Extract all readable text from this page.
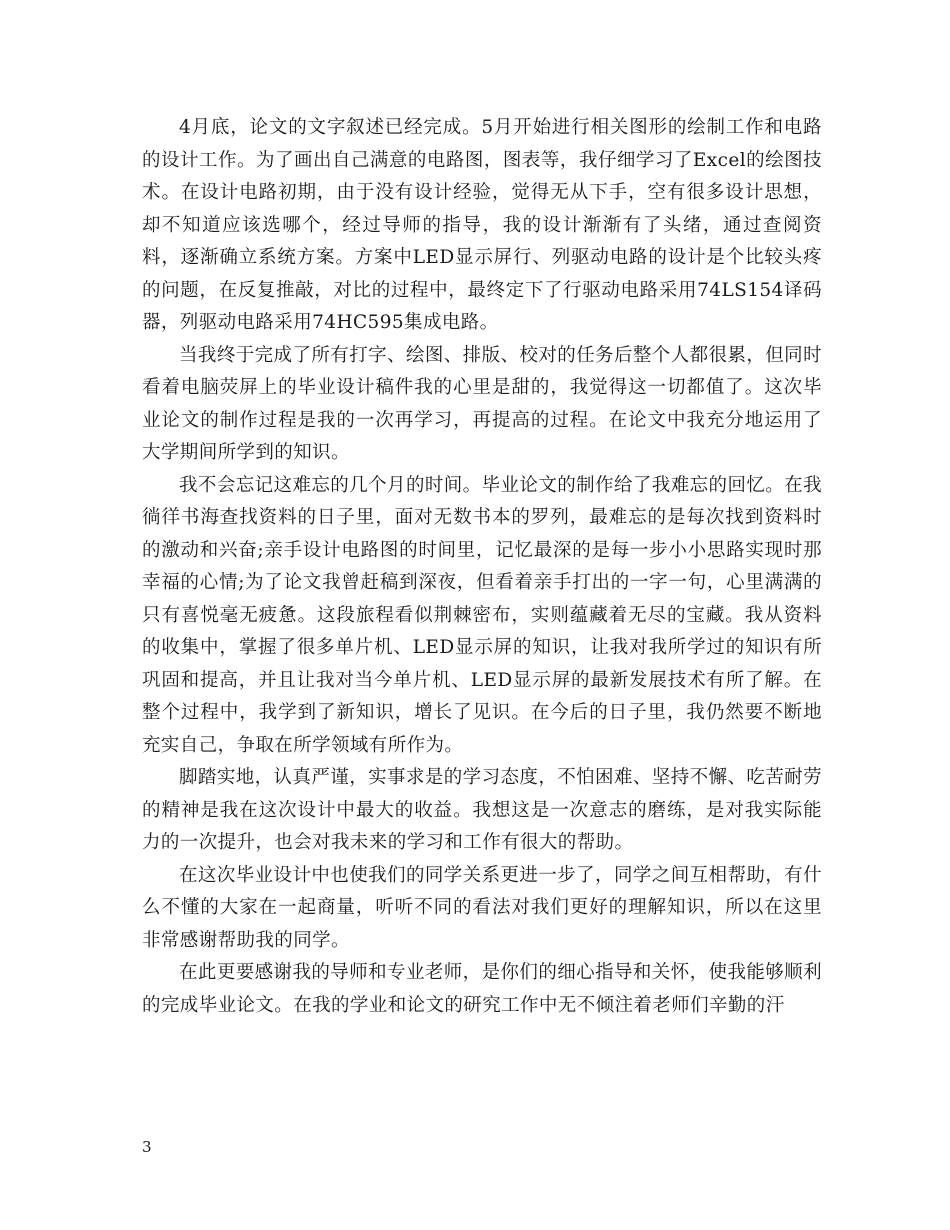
4月底，论文的文字叙述已经完成。5月开始进行相关图形的绘制工作和电路的设计工作。为了画出自己满意的电路图，图表等，我仔细学习了Excel的绘图技术。在设计电路初期，由于没有设计经验，觉得无从下手，空有很多设计思想，却不知道应该选哪个，经过导师的指导，我的设计渐渐有了头绪，通过查阅资料，逐渐确立系统方案。方案中LED显示屏行、列驱动电路的设计是个比较头疼的问题，在反复推敲，对比的过程中，最终定下了行驱动电路采用74LS154译码器，列驱动电路采用74HC595集成电路。

当我终于完成了所有打字、绘图、排版、校对的任务后整个人都很累，但同时看着电脑荧屏上的毕业设计稿件我的心里是甜的，我觉得这一切都值了。这次毕业论文的制作过程是我的一次再学习，再提高的过程。在论文中我充分地运用了大学期间所学到的知识。

我不会忘记这难忘的几个月的时间。毕业论文的制作给了我难忘的回忆。在我徜徉书海查找资料的日子里，面对无数书本的罗列，最难忘的是每次找到资料时的激动和兴奋;亲手设计电路图的时间里，记忆最深的是每一步小小思路实现时那幸福的心情;为了论文我曾赶稿到深夜，但看着亲手打出的一字一句，心里满满的只有喜悦毫无疲惫。这段旅程看似荆棘密布，实则蕴藏着无尽的宝藏。我从资料的收集中，掌握了很多单片机、LED显示屏的知识，让我对我所学过的知识有所巩固和提高，并且让我对当今单片机、LED显示屏的最新发展技术有所了解。在整个过程中，我学到了新知识，增长了见识。在今后的日子里，我仍然要不断地充实自己，争取在所学领域有所作为。

脚踏实地，认真严谨，实事求是的学习态度，不怕困难、坚持不懈、吃苦耐劳的精神是我在这次设计中最大的收益。我想这是一次意志的磨练，是对我实际能力的一次提升，也会对我未来的学习和工作有很大的帮助。

在这次毕业设计中也使我们的同学关系更进一步了，同学之间互相帮助，有什么不懂的大家在一起商量，听听不同的看法对我们更好的理解知识，所以在这里非常感谢帮助我的同学。

在此更要感谢我的导师和专业老师，是你们的细心指导和关怀，使我能够顺利的完成毕业论文。在我的学业和论文的研究工作中无不倾注着老师们辛勤的汗

3
